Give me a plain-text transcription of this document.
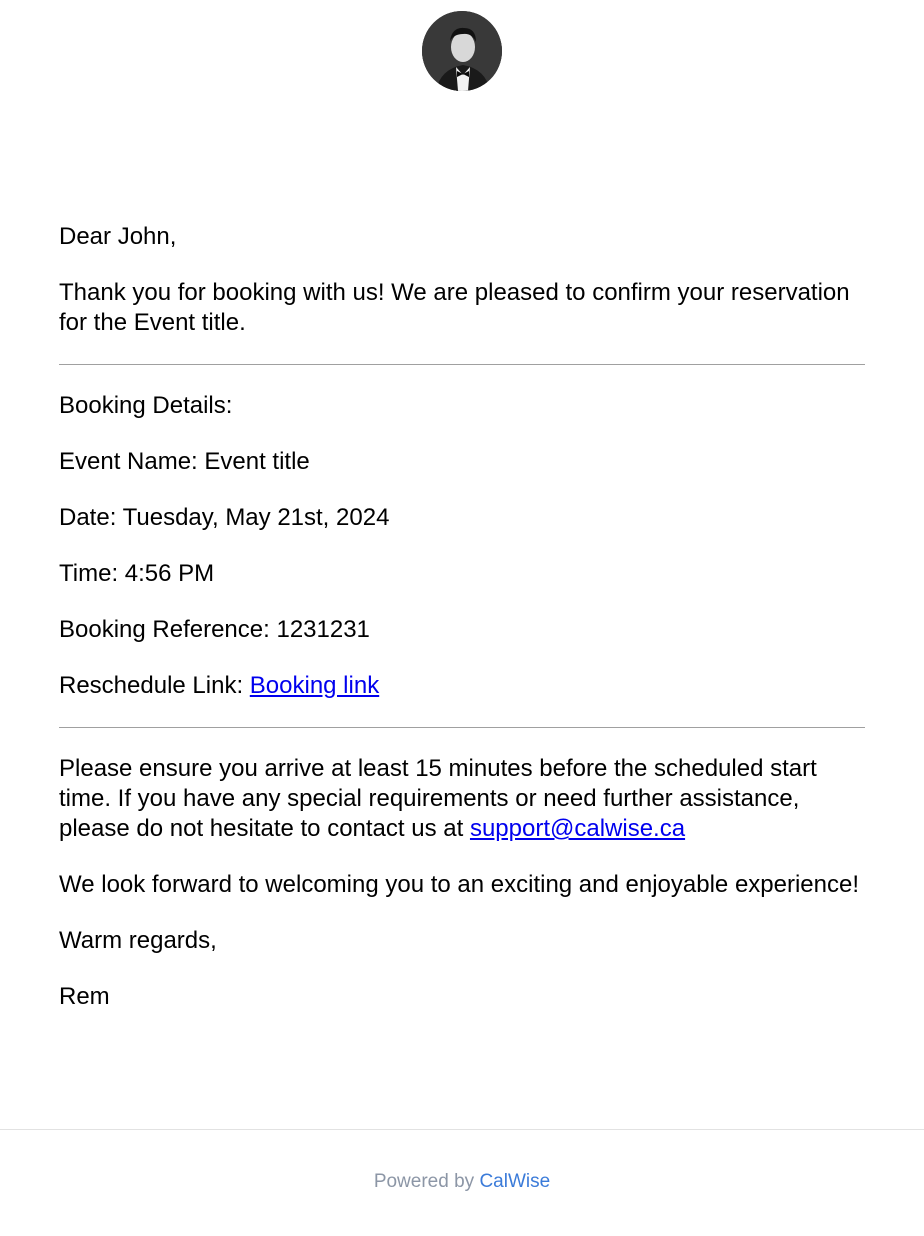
Dear John,

Thank you for booking with us! We are pleased to confirm your reservation for the Event title.

Booking Details:

Event Name: Event title

Date: Tuesday, May 21st, 2024

Time: 4:56 PM

Booking Reference: 1231231

Reschedule Link: Booking link

Please ensure you arrive at least 15 minutes before the scheduled start time. If you have any special requirements or need further assistance, please do not hesitate to contact us at support@calwise.ca

We look forward to welcoming you to an exciting and enjoyable experience!

Warm regards,

Rem

Powered by CalWise
